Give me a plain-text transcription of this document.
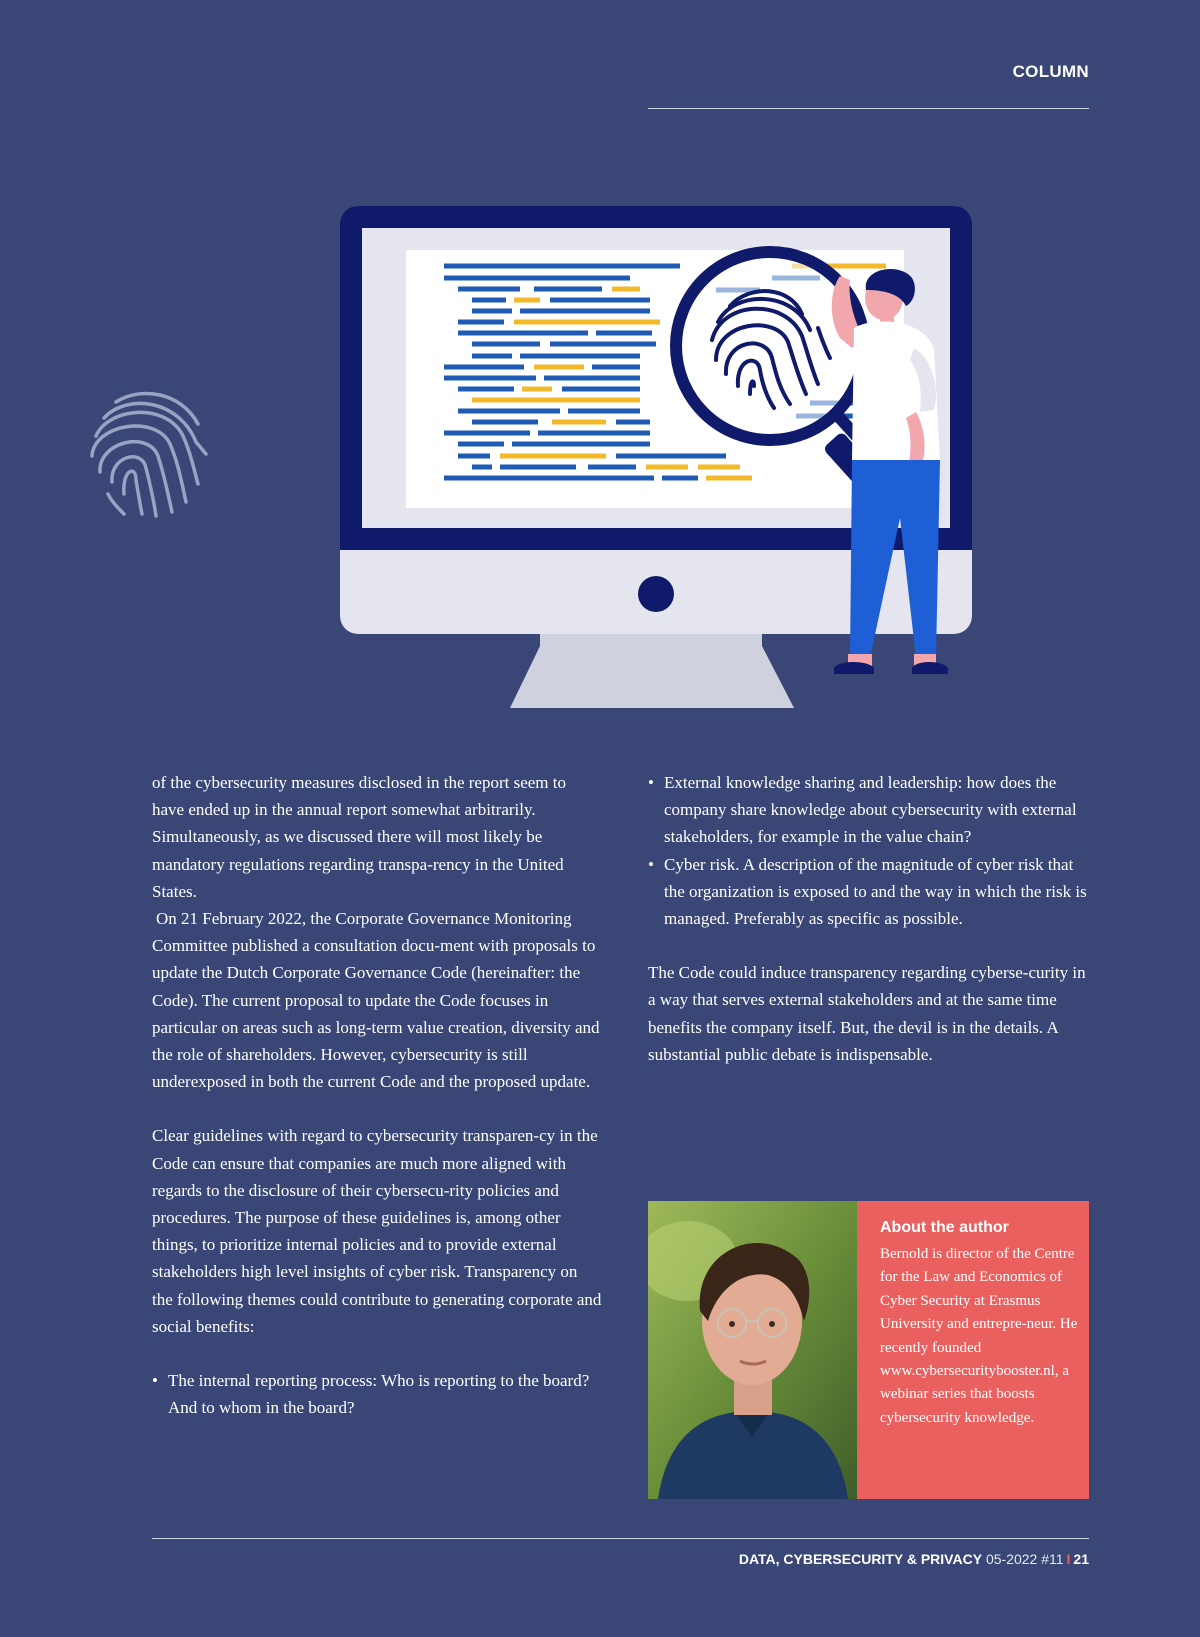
COLUMN

of the cybersecurity measures disclosed in the report seem to have ended up in the annual report somewhat arbitrarily. Simultaneously, as we discussed there will most likely be mandatory regulations regarding transpa-rency in the United States.

On 21 February 2022, the Corporate Governance Monitoring Committee published a consultation docu-ment with proposals to update the Dutch Corporate Governance Code (hereinafter: the Code). The current proposal to update the Code focuses in particular on areas such as long-term value creation, diversity and the role of shareholders. However, cybersecurity is still underexposed in both the current Code and the proposed update.

Clear guidelines with regard to cybersecurity transparen-cy in the Code can ensure that companies are much more aligned with regards to the disclosure of their cybersecu-rity policies and procedures. The purpose of these guidelines is, among other things, to prioritize internal policies and to provide external stakeholders high level insights of cyber risk. Transparency on the following themes could contribute to generating corporate and social benefits:

• The internal reporting process: Who is reporting to the board? And to whom in the board?

• External knowledge sharing and leadership: how does the company share knowledge about cybersecurity with external stakeholders, for example in the value chain?

• Cyber risk. A description of the magnitude of cyber risk that the organization is exposed to and the way in which the risk is managed. Preferably as specific as possible.

The Code could induce transparency regarding cyberse-curity in a way that serves external stakeholders and at the same time benefits the company itself. But, the devil is in the details. A substantial public debate is indispensable.

About the author
Bernold is director of the Centre for the Law and Economics of Cyber Security at Erasmus University and entrepre-neur. He recently founded www.cybersecuritybooster.nl, a webinar series that boosts cybersecurity knowledge.
DATA, CYBERSECURITY & PRIVACY 05-2022 #11 I 21
